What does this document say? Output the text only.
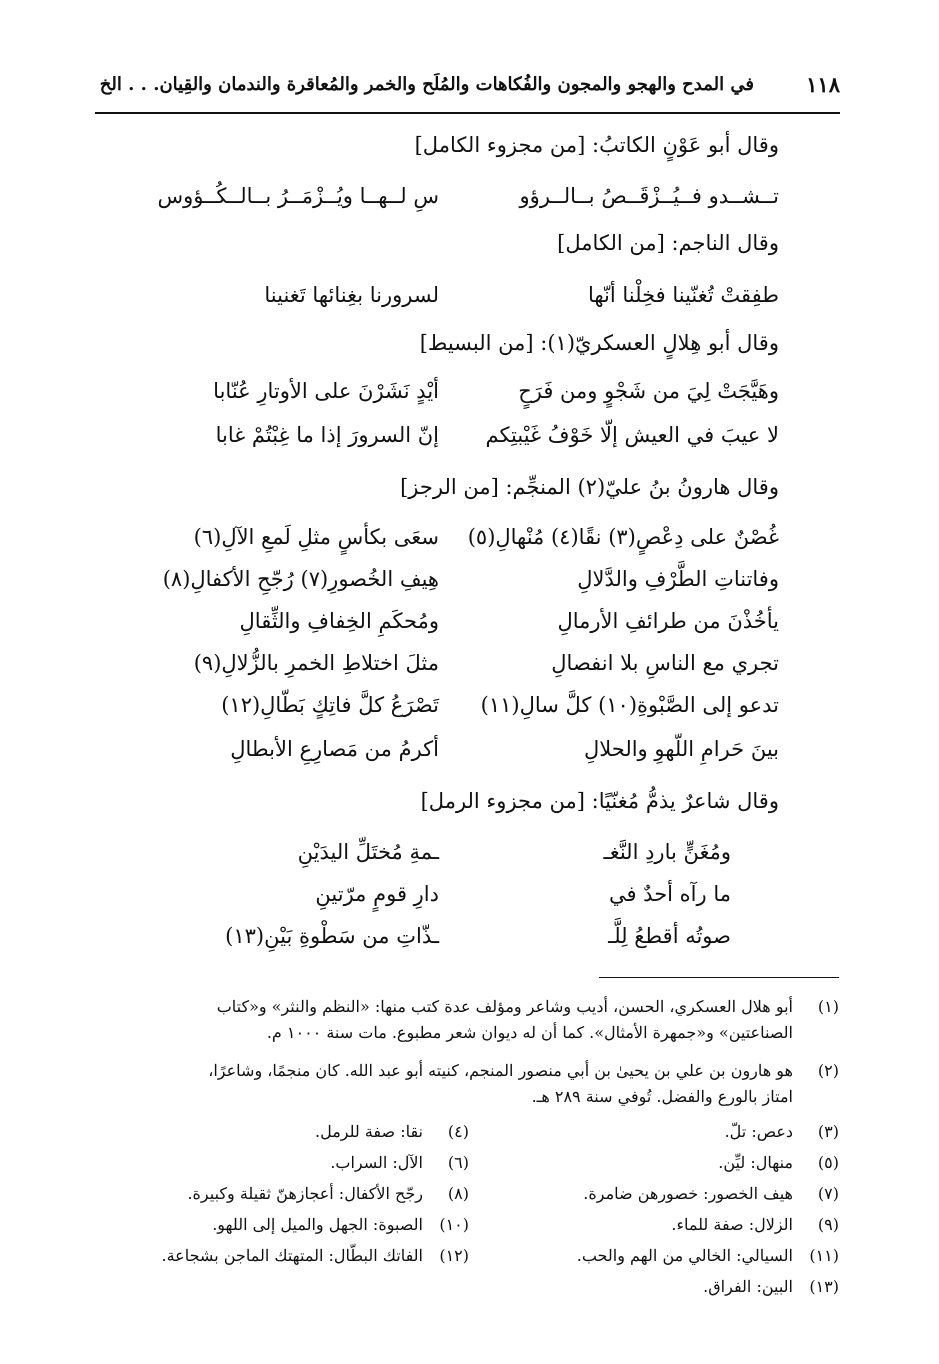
١١٨
في المدح والهجو والمجون والفُكاهات والمُلَح والخمر والمُعاقرة والندمان والقِيان. . . الخ
وقال أبو عَوْنٍ الكاتبُ: [من مجزوء الكامل]
تــشــدو فــيُــزْقَــصُ بــالــرؤو
سِ لــهــا ويُــزْمَــرُ بــالــكُــؤوس
وقال الناجم: [من الكامل]
طفِقتْ تُغنّينا فخِلْنا أنّها
لسرورنا بغِنائها تَغنينا
وقال أبو هِلالٍ العسكريّ(١): [من البسيط]
وهَيَّجَتْ لِيَ من شَجْوٍ ومن فَرَحٍ
أيْدٍ نَشَرْنَ على الأوتارِ عُنّابا
لا عيبَ في العيش إلّا خَوْفُ غَيْبتِكم
إنّ السرورَ إذا ما غِبْتُمْ غابا
وقال هارونُ بنُ عليّ(٢) المنجِّم: [من الرجز]
غُصْنٌ على دِعْصٍ(٣) نقًا(٤) مُنْهالِ(٥)
سعَى بكأسٍ مثلِ لَمعِ الآلِ(٦)
وفاتناتِ الطَّرْفِ والدَّلالِ
هِيفِ الخُصورِ(٧) رُجّحِ الأكفالِ(٨)
يأخُذْنَ من طرائفِ الأرمالِ
ومُحكَمِ الخِفافِ والثِّقالِ
تجري مع الناسِ بلا انفصالِ
مثلَ اختلاطِ الخمرِ بالزُّلالِ(٩)
تدعو إلى الصَّبْوةِ(١٠) كلَّ سالِ(١١)
تَصْرَعُ كلَّ فاتِكٍ بَطّالِ(١٢)
بينَ حَرامِ اللّهوِ والحلالِ
أكرمُ من مَصارِعِ الأبطالِ
وقال شاعرٌ يذمُّ مُغنّيًا: [من مجزوء الرمل]
ومُغَنٍّ باردِ النَّغـ
ـمةِ مُختَلِّ اليدَيْنِ
ما رآه أحدٌ في
دارِ قومٍ مرّتينِ
صوتُه أقطعُ لِلَّـ
ـذّاتِ من سَطْوةِ بَيْنِ(١٣)
(١)
أبو هلال العسكري، الحسن، أديب وشاعر ومؤلف عدة كتب منها: «النظم والنثر» و«كتاب
الصناعتين» و«جمهرة الأمثال». كما أن له ديوان شعر مطبوع. مات سنة ١٠٠٠ م.
(٢)
هو هارون بن علي بن يحيىٰ بن أبي منصور المنجم، كنيته أبو عبد الله. كان منجمًا، وشاعرًا،
امتاز بالورع والفضل. تُوفي سنة ٢٨٩ هـ.
(٣)
دعص: تلّ.
(٤)
نقا: صفة للرمل.
(٥)
منهال: ليِّن.
(٦)
الآل: السراب.
(٧)
هيف الخصور: خصورهن ضامرة.
(٨)
رجّح الأكفال: أعجازهنّ ثقيلة وكبيرة.
(٩)
الزلال: صفة للماء.
(١٠)
الصبوة: الجهل والميل إلى اللهو.
(١١)
السيالي: الخالي من الهم والحب.
(١٢)
الفاتك البطّال: المتهتك الماجن بشجاعة.
(١٣)
البين: الفراق.
